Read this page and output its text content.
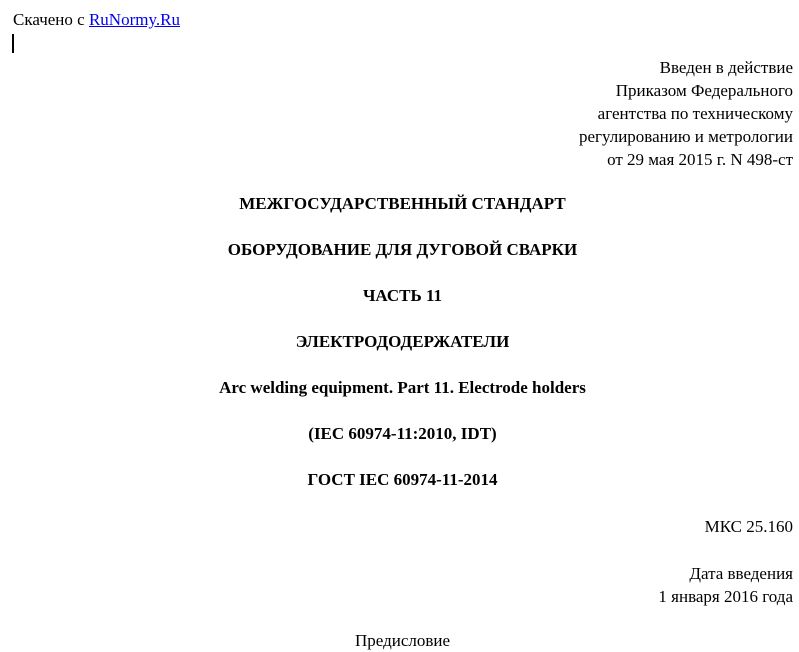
Скачено с RuNormy.Ru
Введен в действие
Приказом Федерального
агентства по техническому
регулированию и метрологии
от 29 мая 2015 г. N 498-ст
МЕЖГОСУДАРСТВЕННЫЙ СТАНДАРТ
ОБОРУДОВАНИЕ ДЛЯ ДУГОВОЙ СВАРКИ
ЧАСТЬ 11
ЭЛЕКТРОДОДЕРЖАТЕЛИ
Arc welding equipment. Part 11. Electrode holders
(IEC 60974-11:2010, IDT)
ГОСТ IEC 60974-11-2014
МКС 25.160
Дата введения
1 января 2016 года
Предисловие
